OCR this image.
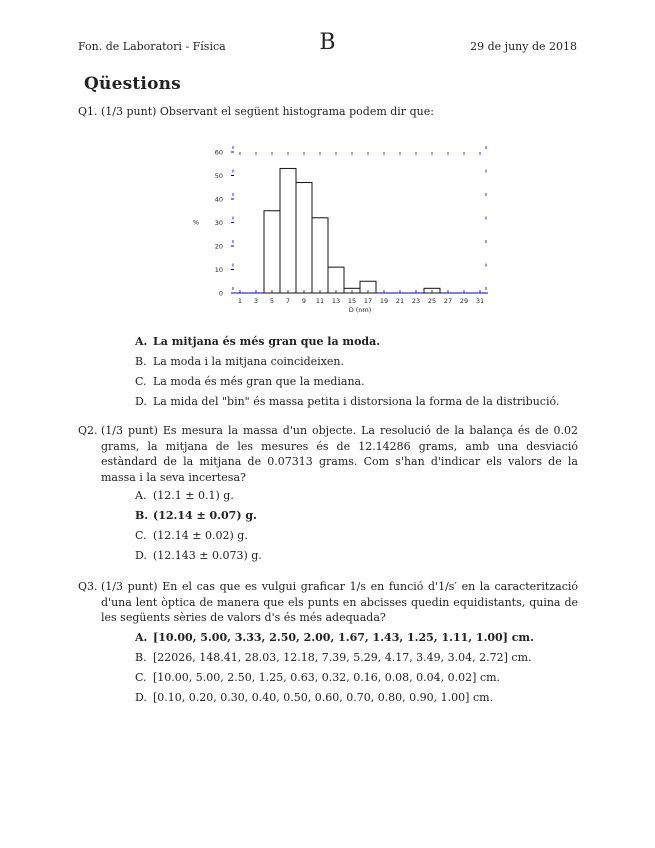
Fon. de Laboratori - Física	B	29 de juny de 2018
Qüestions
Q1. (1/3 punt) Observant el següent histograma podem dir que:
0
10
20
30
40
50
60
1 3 5 7 9 11 13 15 17 19 21 23 25 27 29 31
D (nm)
%
A. La mitjana és més gran que la moda.
B. La moda i la mitjana coincideixen.
C. La moda és més gran que la mediana.
D. La mida del "bin" és massa petita i distorsiona la forma de la distribució.
Q2. (1/3 punt) Es mesura la massa d'un objecte. La resolució de la balança és de 0.02 grams, la mitjana de les mesures és de 12.14286 grams, amb una desviació estàndard de la mitjana de 0.07313 grams. Com s'han d'indicar els valors de la massa i la seva incertesa?
A. (12.1 ± 0.1) g.
B. (12.14 ± 0.07) g.
C. (12.14 ± 0.02) g.
D. (12.143 ± 0.073) g.
Q3. (1/3 punt) En el cas que es vulgui graficar 1/s en funció d'1/s′ en la caracterització d'una lent òptica de manera que els punts en abcisses quedin equidistants, quina de les següents sèries de valors d's és més adequada?
A. [10.00, 5.00, 3.33, 2.50, 2.00, 1.67, 1.43, 1.25, 1.11, 1.00] cm.
B. [22026, 148.41, 28.03, 12.18, 7.39, 5.29, 4.17, 3.49, 3.04, 2.72] cm.
C. [10.00, 5.00, 2.50, 1.25, 0.63, 0.32, 0.16, 0.08, 0.04, 0.02] cm.
D. [0.10, 0.20, 0.30, 0.40, 0.50, 0.60, 0.70, 0.80, 0.90, 1.00] cm.
